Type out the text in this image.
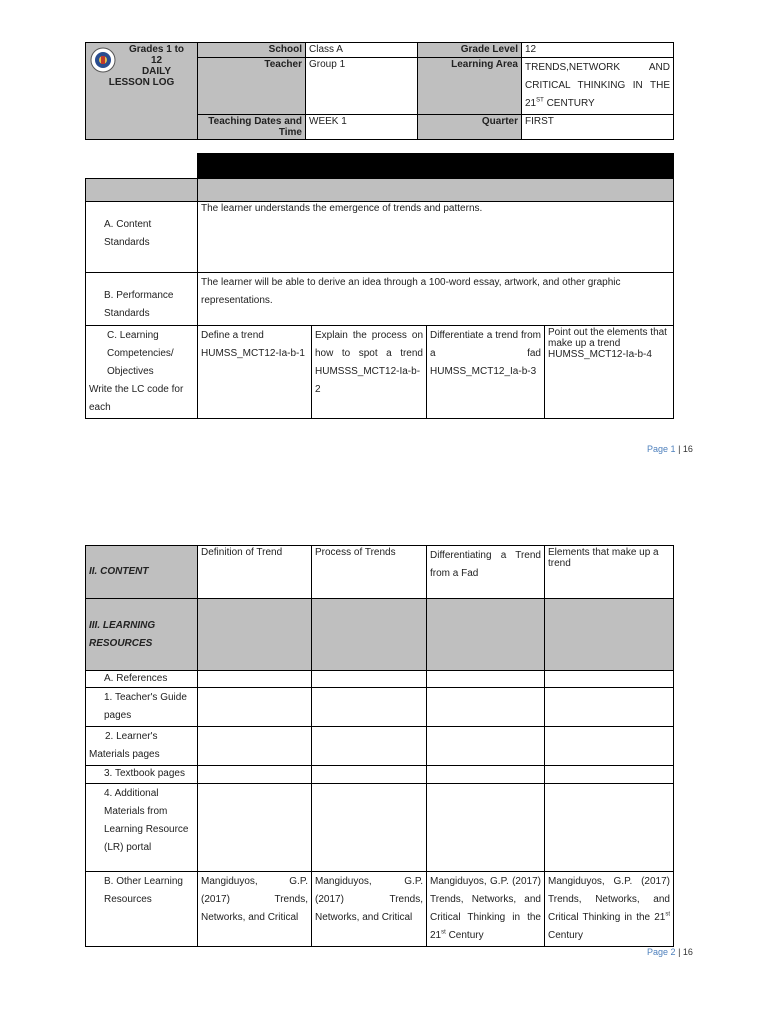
Grades 1 to
12
DAILY
LESSON LOG	School	Class A	Grade Level	12
	Teacher	Group 1	Learning Area	TRENDS,NETWORK AND CRITICAL THINKING IN THE 21ST CENTURY
	Teaching Dates and Time	WEEK 1	Quarter	FIRST

A. Content Standards	The learner understands the emergence of trends and patterns.			
B. Performance Standards	The learner will be able to derive an idea through a 100-word essay, artwork, and other graphic representations.			

C. Learning Competencies/ Objectives
Write the LC code for each	Define a trend HUMSS_MCT12-Ia-b-1	Explain the process on how to spot a trend HUMSSS_MCT12-Ia-b-2	Differentiate a trend from a fad HUMSS_MCT12_Ia-b-3	Point out the elements that make up a trend HUMSS_MCT12-Ia-b-4
Page 1 | 16
II. CONTENT	Definition of Trend	Process of Trends	Differentiating a Trend from a Fad	Elements that make up a trend
III. LEARNING RESOURCES				
A. References				
1. Teacher's Guide pages				
2. Learner's Materials pages				
3. Textbook pages				
4. Additional Materials from Learning Resource (LR) portal				
B. Other Learning Resources	Mangiduyos, G.P. (2017) Trends, Networks, and Critical	Mangiduyos, G.P. (2017) Trends, Networks, and Critical	Mangiduyos, G.P. (2017) Trends, Networks, and Critical Thinking in the 21st Century	Mangiduyos, G.P. (2017) Trends, Networks, and Critical Thinking in the 21st Century
Page 2 | 16
